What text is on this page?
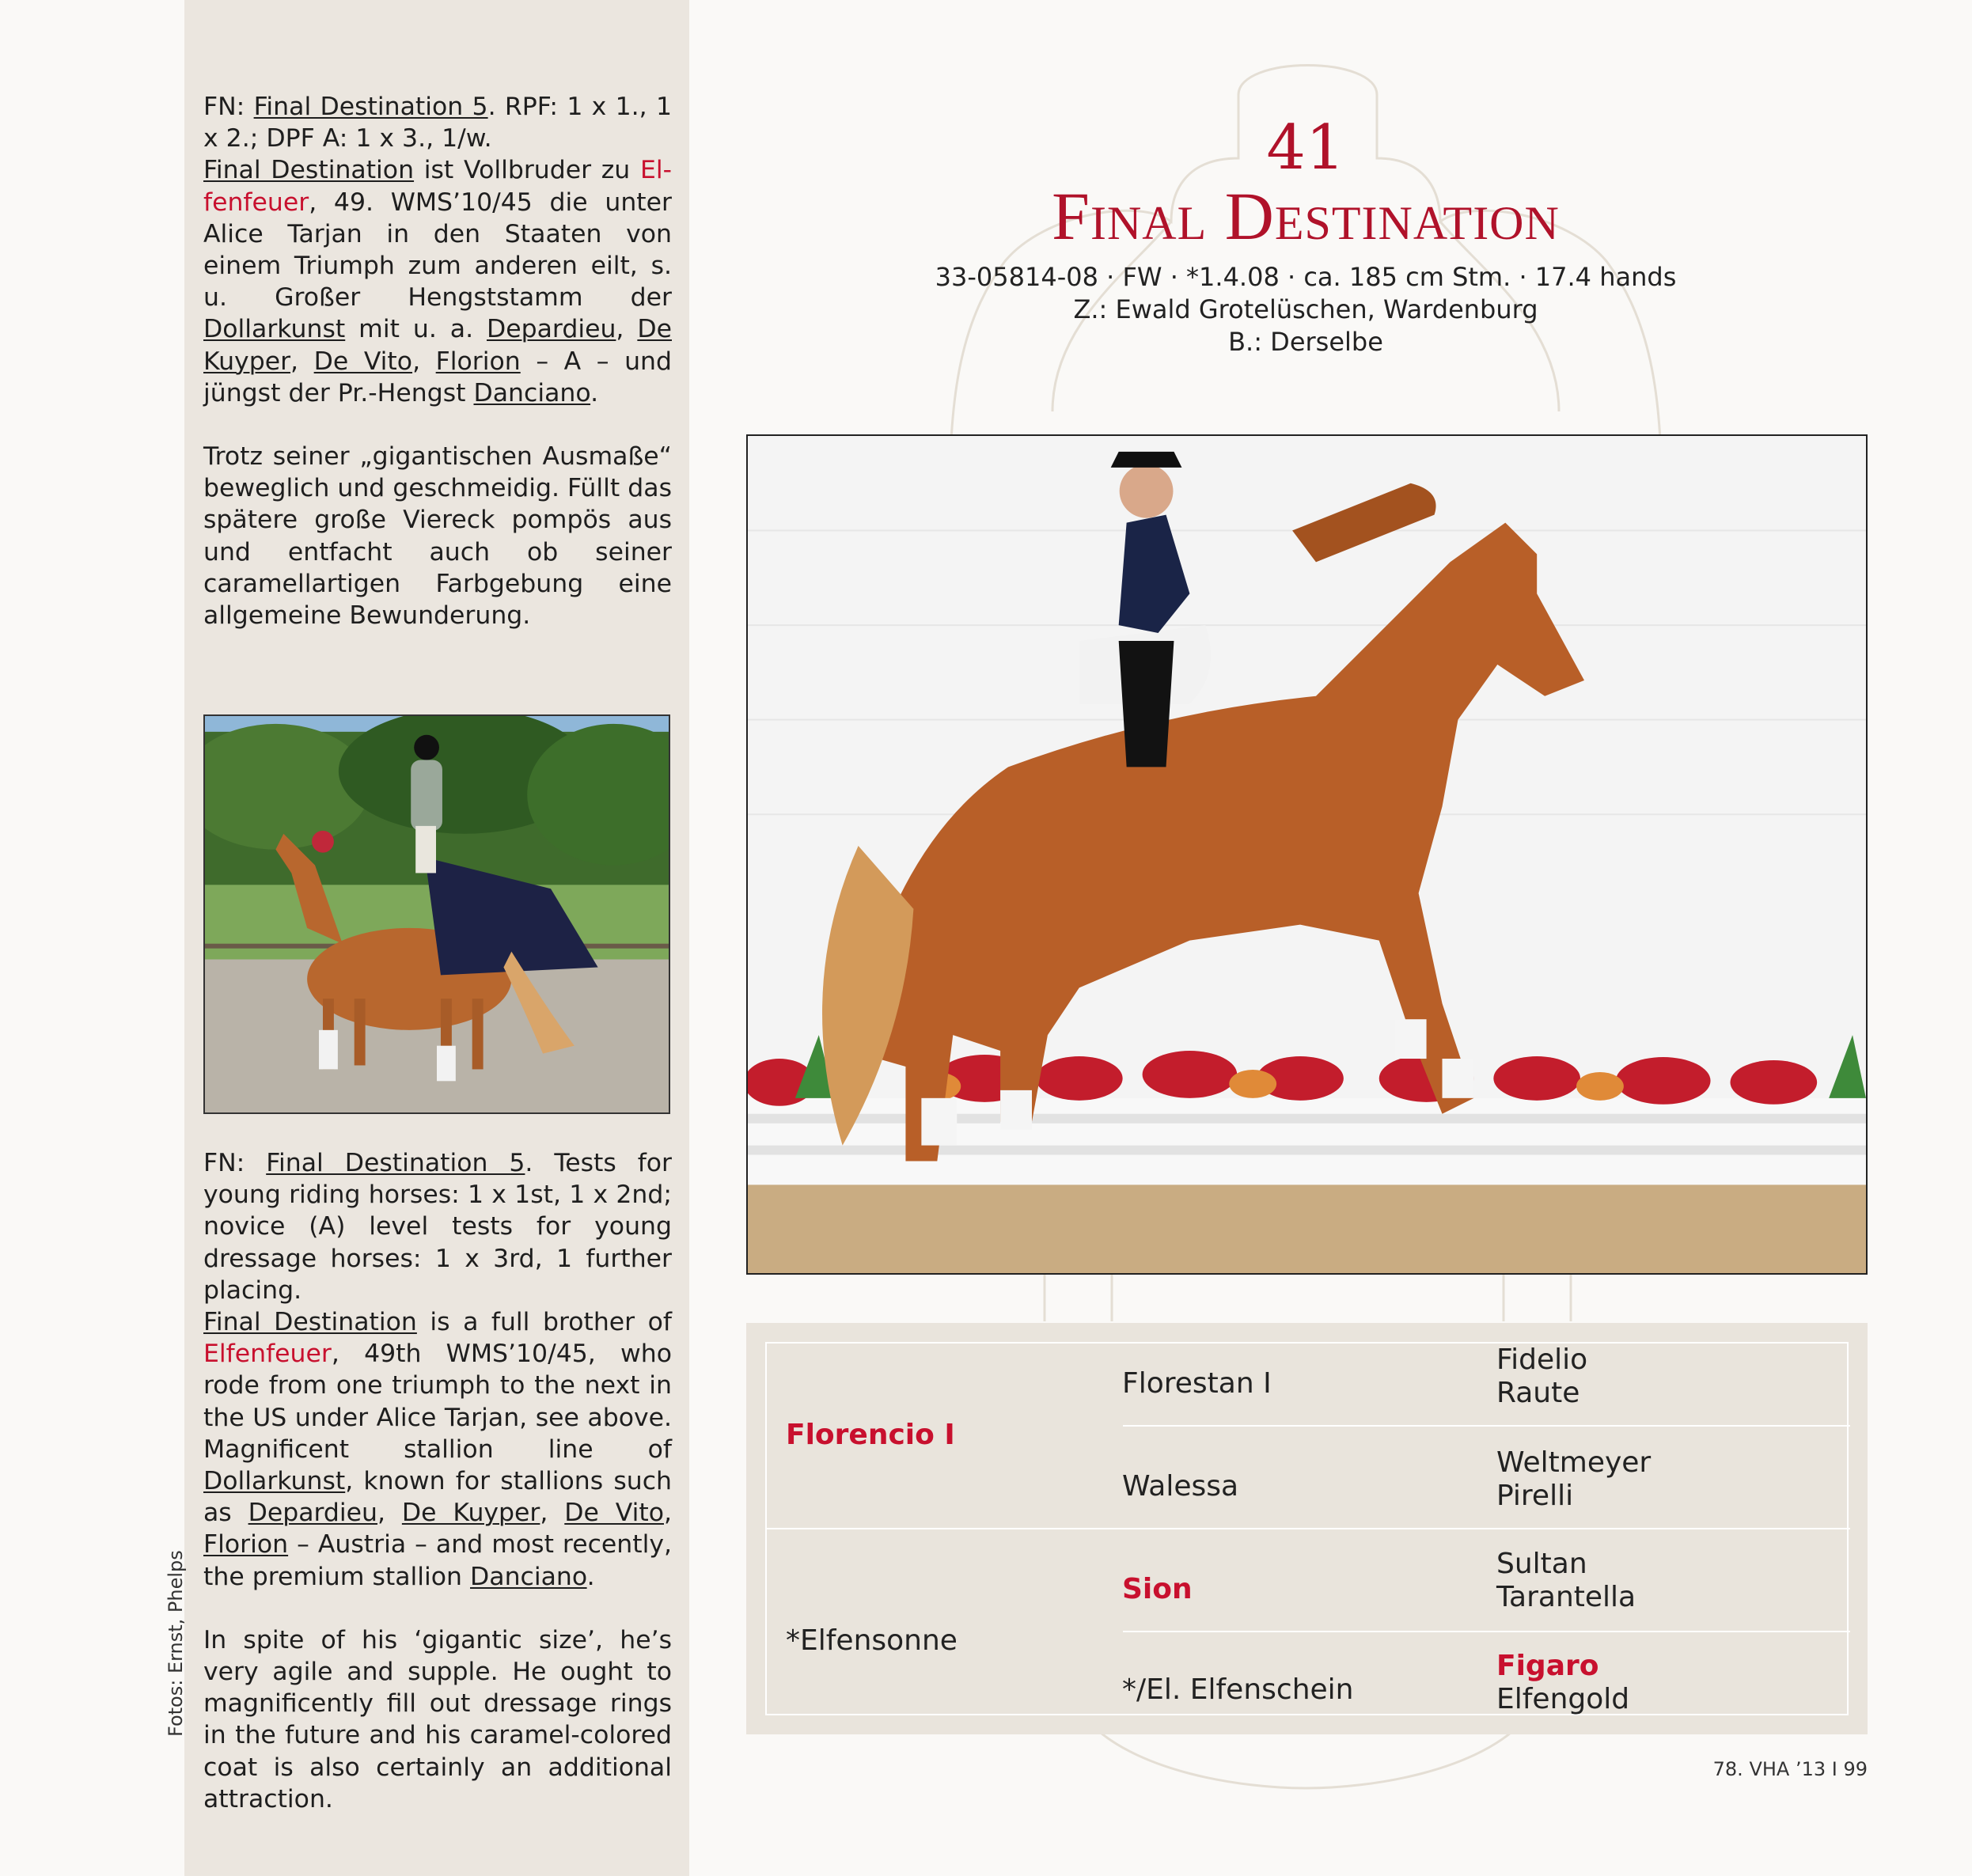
FN: Final Destination 5. RPF: 1 x 1., 1 x 2.; DPF A: 1 x 3., 1/w.

Final Destination ist Vollbruder zu Elfenfeuer, 49. WMS’10/45 die unter Alice Tarjan in den Staaten von einem Triumph zum anderen eilt, s. u. Großer Hengststamm der Dollarkunst mit u. a. Depardieu, De Kuyper, De Vito, Florion – A – und jüngst der Pr.-Hengst Danciano.

Trotz seiner „gigantischen Ausmaße“ beweglich und geschmeidig. Füllt das spätere große Viereck pompös aus und entfacht auch ob seiner caramellartigen Farbgebung eine allgemeine Bewunderung.

FN: Final Destination 5. Tests for young riding horses: 1 x 1st, 1 x 2nd; novice (A) level tests for young dressage horses: 1 x 3rd, 1 further placing.

Final Destination is a full brother of Elfenfeuer, 49th WMS’10/45, who rode from one triumph to the next in the US under Alice Tarjan, see above. Magnificent stallion line of Dollarkunst, known for stallions such as Depardieu, De Kuyper, De Vito, Florion – Austria – and most recently, the premium stallion Danciano.

In spite of his ‘gigantic size’, he’s very agile and supple. He ought to magnificently fill out dressage rings in the future and his caramel-colored coat is also certainly an additional attraction.

Fotos: Ernst, Phelps
41
Final Destination
33-05814-08 · FW · *1.4.08 · ca. 185 cm Stm. · 17.4 hands
Z.: Ewald Grotelüschen, Wardenburg
B.: Derselbe
Florencio I
*Elfensonne
Florestan I
Walessa
Sion
*/El. Elfenschein
Fidelio
Raute
Weltmeyer
Pirelli
Sultan
Tarantella
Figaro
Elfengold
78. VHA ’13 I 99
